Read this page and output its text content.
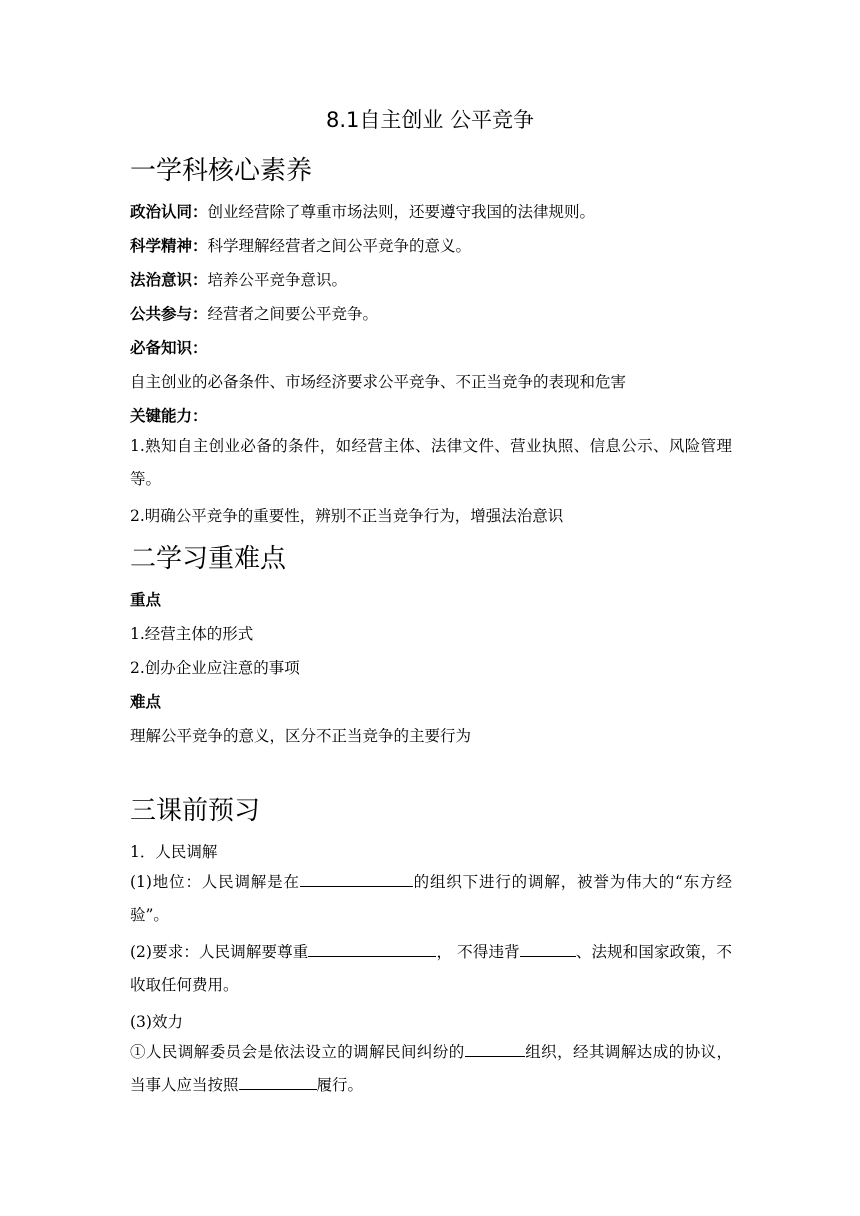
8.1自主创业 公平竞争
一学科核心素养
政治认同：创业经营除了尊重市场法则，还要遵守我国的法律规则。
科学精神：科学理解经营者之间公平竞争的意义。
法治意识：培养公平竞争意识。
公共参与：经营者之间要公平竞争。
必备知识：
自主创业的必备条件、市场经济要求公平竞争、不正当竞争的表现和危害
关键能力：
1.熟知自主创业必备的条件，如经营主体、法律文件、营业执照、信息公示、风险管理等。
2.明确公平竞争的重要性，辨别不正当竞争行为，增强法治意识
二学习重难点
重点
1.经营主体的形式
2.创办企业应注意的事项
难点
理解公平竞争的意义，区分不正当竞争的主要行为
三课前预习
1．人民调解
(1)地位：人民调解是在	的组织下进行的调解，被誉为伟大的“东方经验”。
(2)要求：人民调解要尊重	， 不得违背	、法规和国家政策，不收取任何费用。
(3)效力
①人民调解委员会是依法设立的调解民间纠纷的	组织，经其调解达成的协议，当事人应当按照	履行。
